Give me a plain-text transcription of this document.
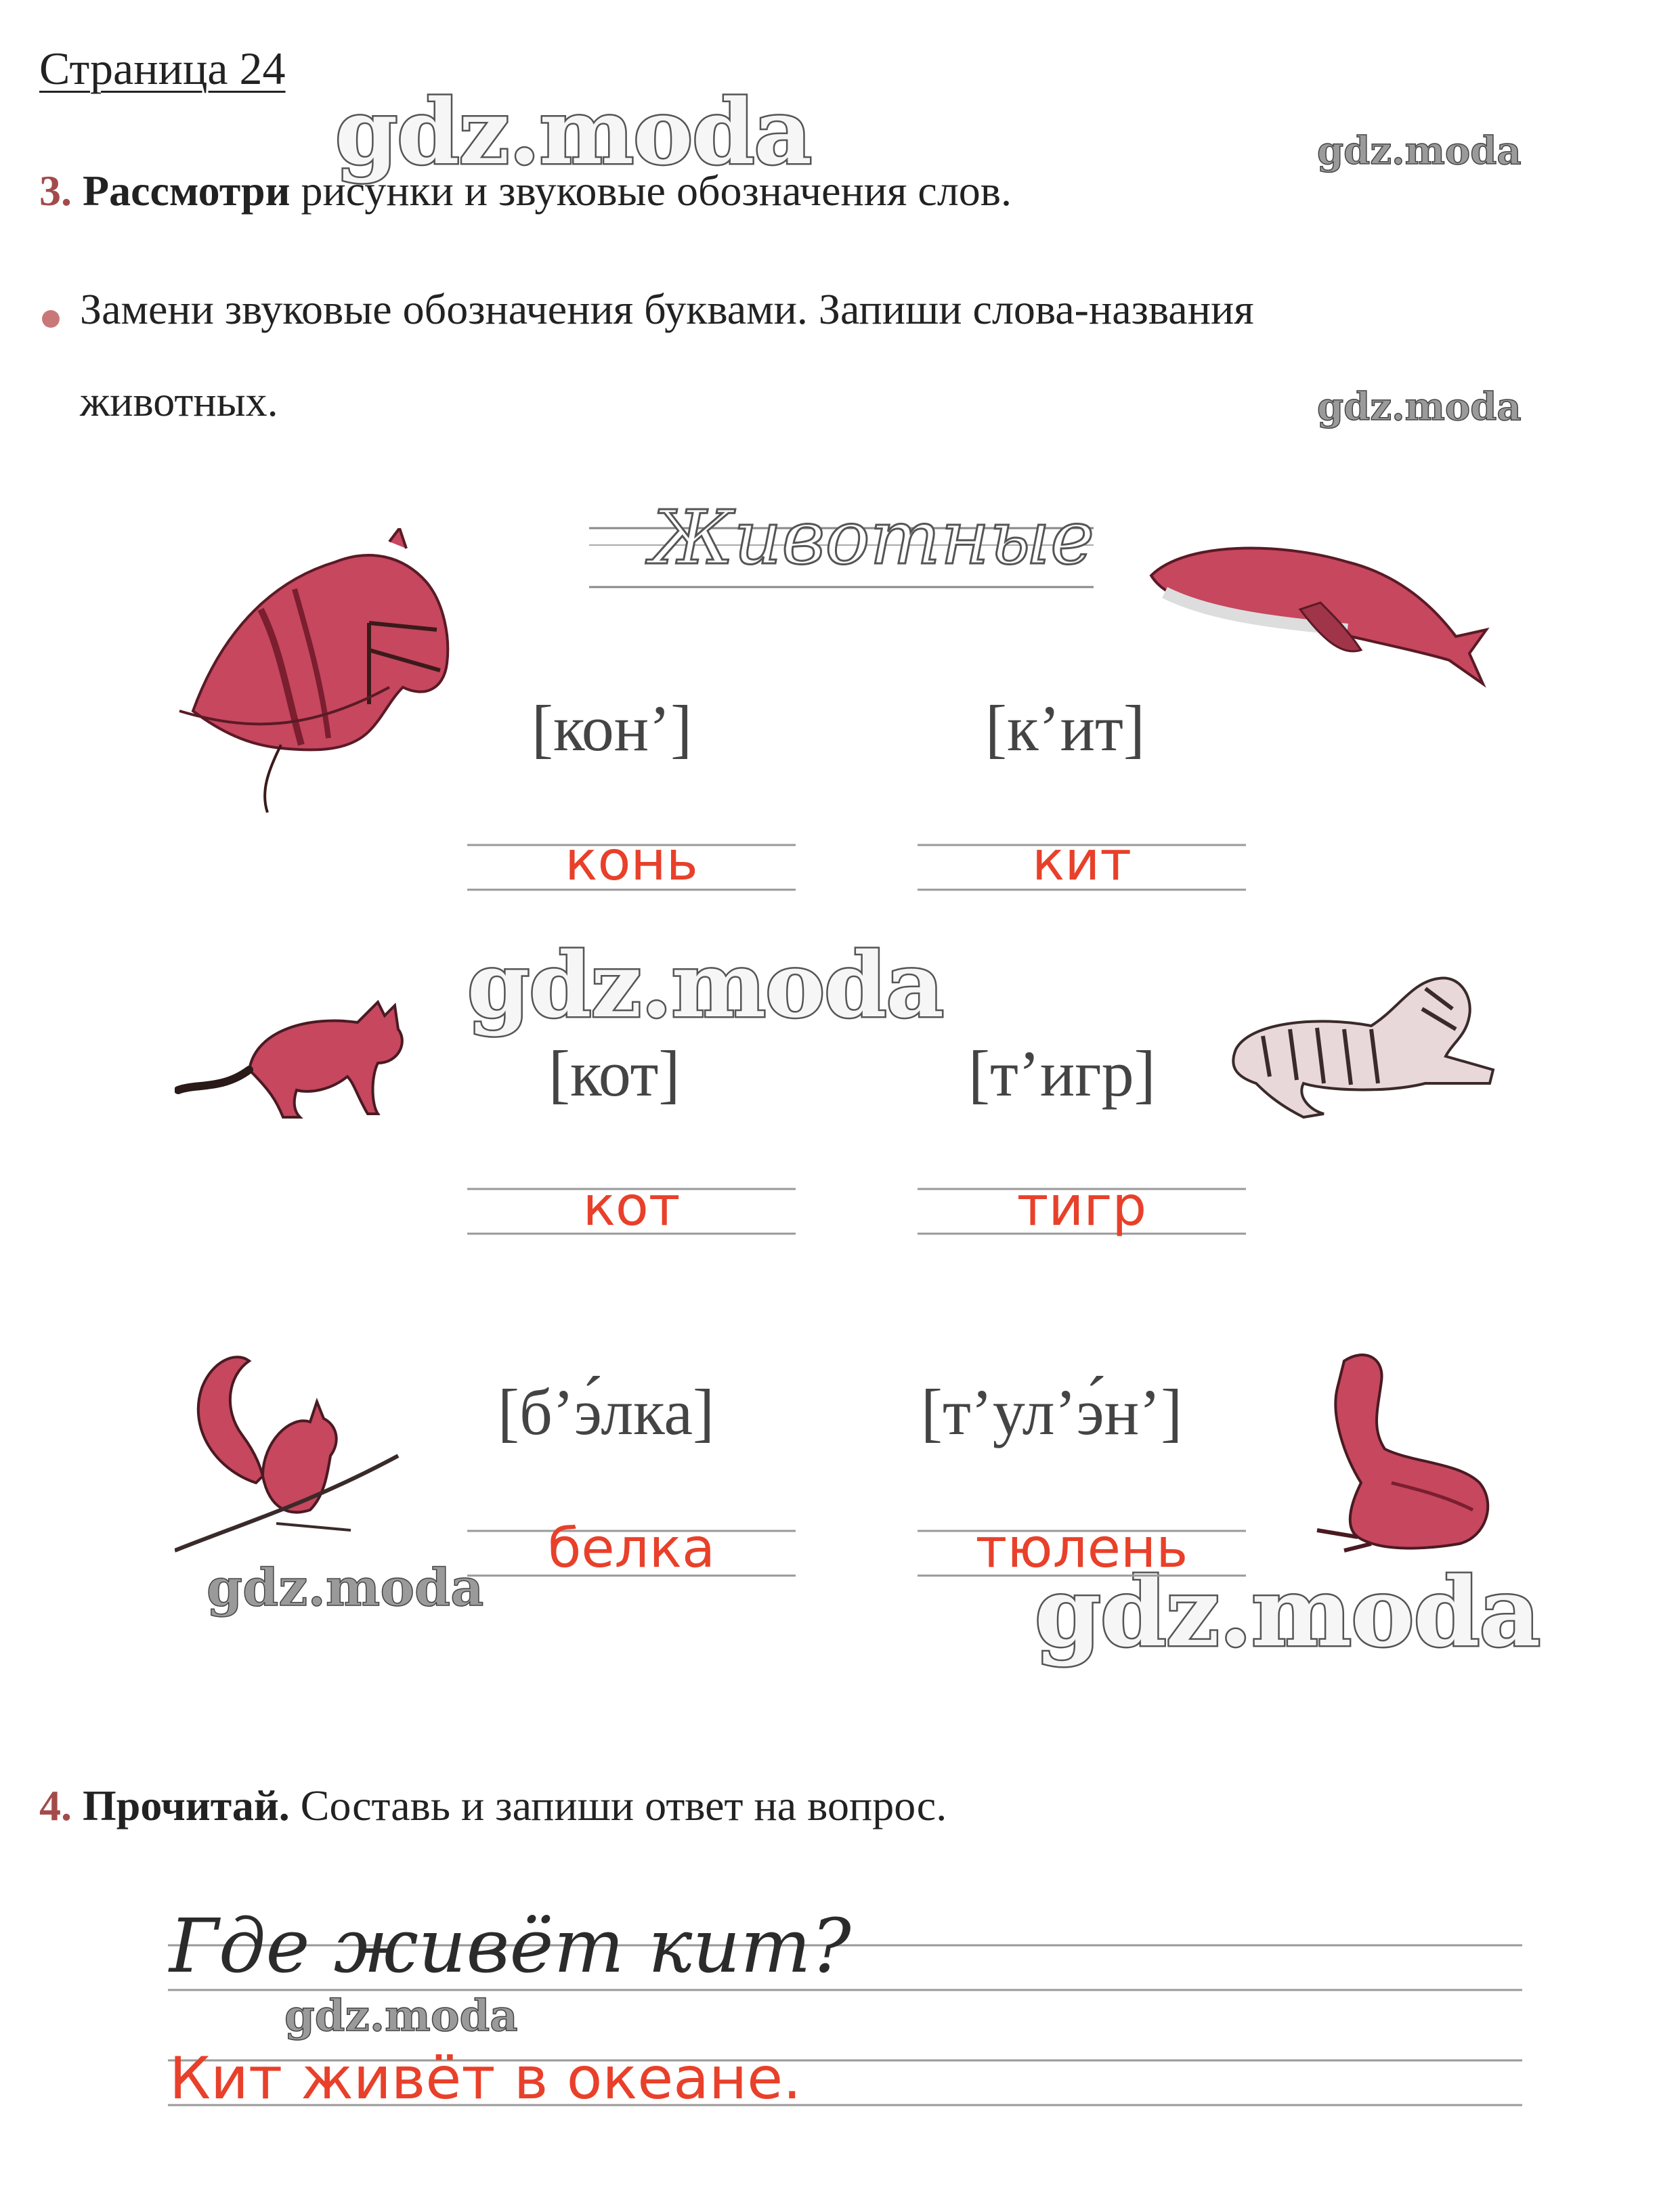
Страница 24
gdz.moda	gdz.moda
gdz.moda
gdz.moda
gdz.moda	gdz.moda
gdz.moda
3. Рассмотри рисунки и звуковые обозначения слов.
Замени звуковые обозначения буквами. Запиши слова-названия
животных.
Животные
[кон’]	[к’ит]
конь	кит
[кот]	[т’игр]
кот	тигр
[б’э́лка]	[т’ул’э́н’]
белка	тюлень
4. Прочитай. Составь и запиши ответ на вопрос.
Где живёт кит?
Кит живёт в океане.
